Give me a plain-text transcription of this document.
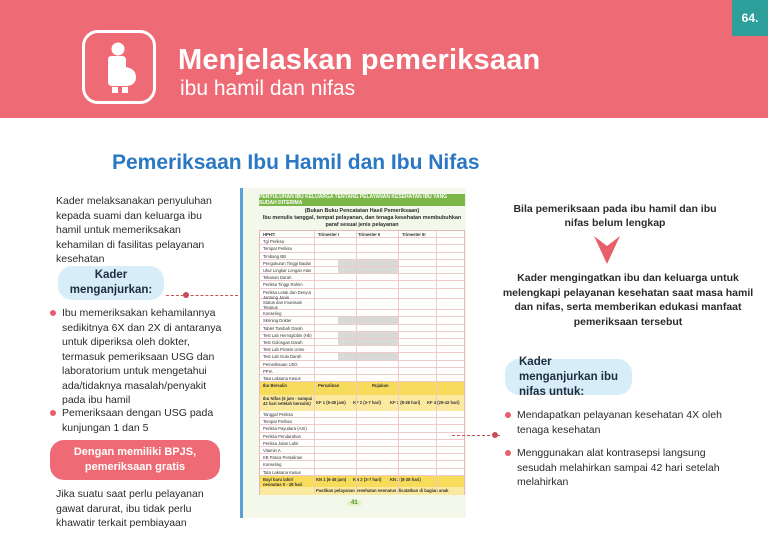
64.
Menjelaskan pemeriksaan
ibu hamil dan nifas
Pemeriksaan Ibu Hamil dan Ibu Nifas
Kader melaksanakan penyuluhan kepada suami dan keluarga ibu hamil untuk memeriksakan kehamilan di fasilitas pelayanan kesehatan
Kader menganjurkan:
Ibu memeriksakan kehamilannya sedikitnya 6X dan 2X di antaranya untuk diperiksa oleh dokter, termasuk pemeriksaan USG dan laboratorium untuk mengetahui ada/tidaknya masalah/penyakit pada ibu hamil
Pemeriksaan dengan USG pada kunjungan 1 dan 5
Dengan memiliki BPJS, pemeriksaan gratis
Jika suatu saat perlu pelayanan gawat darurat, ibu tidak perlu khawatir terkait pembiayaan
PENYULUHAN IBU KELUARGA TENTANG PELAYANAN KESEHATAN IBU YANG SUDAH DITERIMA
(Bukan Buku Pencatatan Hasil Pemeriksaan)
Ibu menulis tanggal, tempat pelayanan, dan tenaga kesehatan membubuhkan paraf sesuai jenis pelayanan
HPHT:	Trimester I	Trimester II	Trimester III
Tgl Periksa
Tempat Periksa
Timbang BB
Pengukuran Tinggi Badan
Ukur Lingkar Lengan Atas
Tekanan Darah
Periksa Tinggi Rahim
Periksa Letak dan Denyut Jantung Janin
Status dan Imunisasi Tetanus
Konseling
Skrining Dokter
Tablet Tambah Darah
Test Lab Hemoglobin (Hb)
Test Golongan Darah
Test Lab Protein Urine
Test Lab Gula Darah
Pemeriksaan USG
PPIA
Tata Laksana Kasus
Ibu Bersalin	Persalinan	Rujukan
Ibu Nifas (6 jam - sampai 42 hari setelah bersalin)	KF 1 (6-48 jam) KF 2 (3-7 hari) KF 3 (8-28 hari) KF 4 (29-42 hari)
Tanggal Periksa
Tempat Periksa
Periksa Payudara (ASI)
Periksa Pendarahan
Periksa Jalan Lahir
Vitamin A
KB Pasca Persalinan
Konseling
Tata Laksana Kasus
Bayi baru lahir/ neonatus 0 - 28 hari
KN 1 (6-48 jam)	KN 2 (3-7 hari)	KN 3 (8-28 hari)
Pastikan pelayanan kesehatan neonatus dicatatkan di bagian anak
41
Bila pemeriksaan pada ibu hamil dan ibu nifas belum lengkap
Kader mengingatkan ibu dan keluarga untuk melengkapi pelayanan kesehatan saat masa hamil dan nifas, serta memberikan edukasi manfaat pemeriksaan tersebut
Kader menganjurkan ibu nifas untuk:
Mendapatkan pelayanan kesehatan 4X oleh tenaga kesehatan
Menggunakan alat kontrasepsi langsung sesudah melahirkan sampai 42 hari setelah melahirkan
